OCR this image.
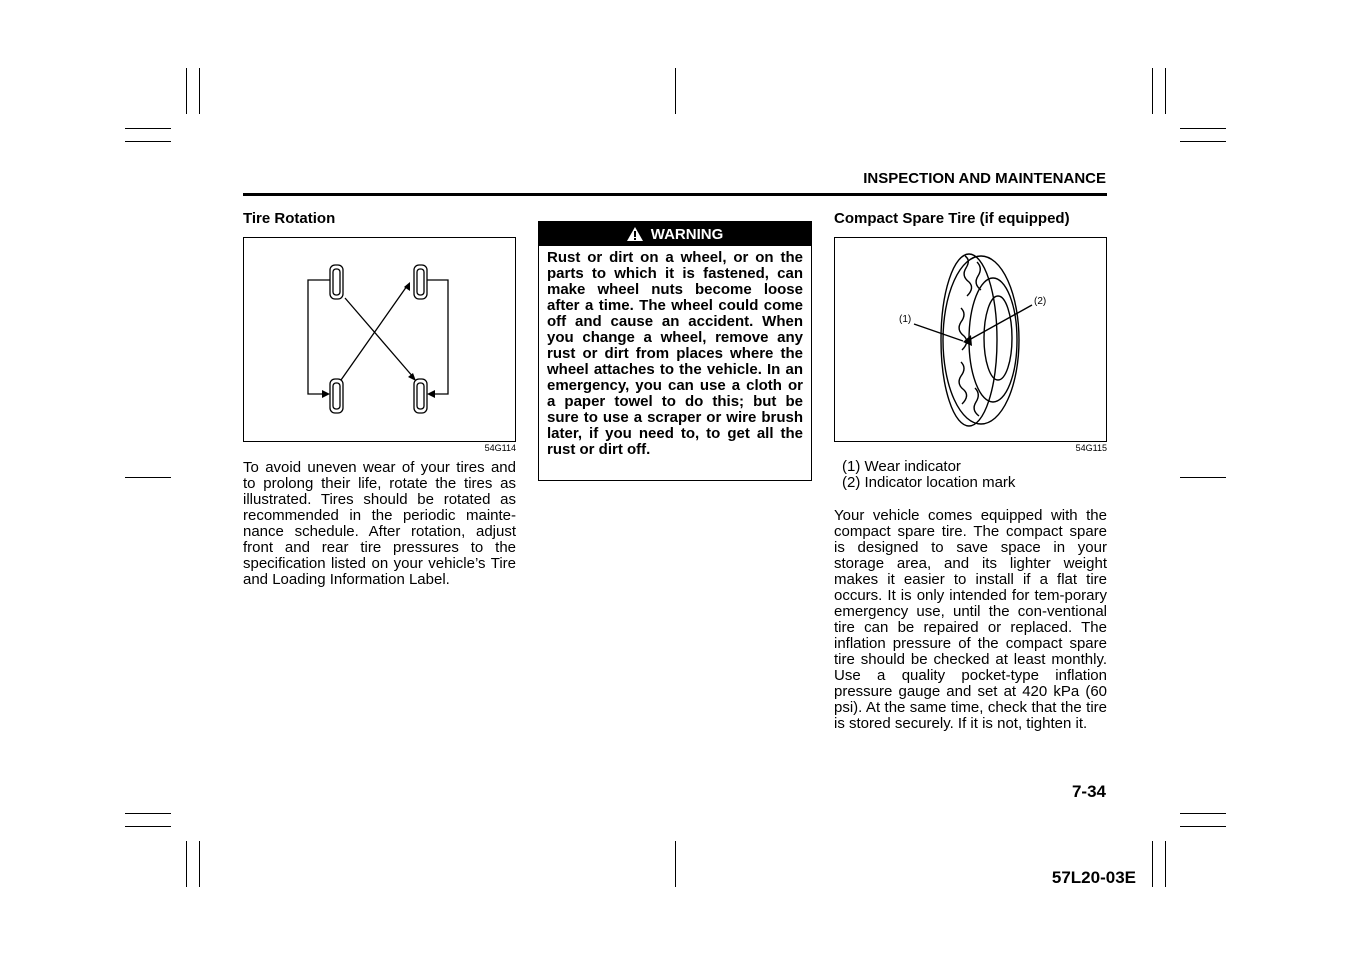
INSPECTION AND MAINTENANCE
Tire Rotation
54G114

To avoid uneven wear of your tires and to prolong their life, rotate the tires as illustrated. Tires should be rotated as recommended in the periodic mainte-nance schedule. After rotation, adjust front and rear tire pressures to the specification listed on your vehicle’s Tire and Loading Information Label.

WARNING
Rust or dirt on a wheel, or on the parts to which it is fastened, can make wheel nuts become loose after a time. The wheel could come off and cause an accident. When you change a wheel, remove any rust or dirt from places where the wheel attaches to the vehicle. In an emergency, you can use a cloth or a paper towel to do this; but be sure to use a scraper or wire brush later, if you need to, to get all the rust or dirt off.
Compact Spare Tire (if equipped)
(1)
(2)
54G115
(1) Wear indicator
(2) Indicator location mark

Your vehicle comes equipped with the compact spare tire. The compact spare is designed to save space in your storage area, and its lighter weight makes it easier to install if a flat tire occurs. It is only intended for tem-porary emergency use, until the con-ventional tire can be repaired or replaced. The inflation pressure of the compact spare tire should be checked at least monthly. Use a quality pocket-type inflation pressure gauge and set at 420 kPa (60 psi). At the same time, check that the tire is stored securely. If it is not, tighten it.

7-34
57L20-03E
